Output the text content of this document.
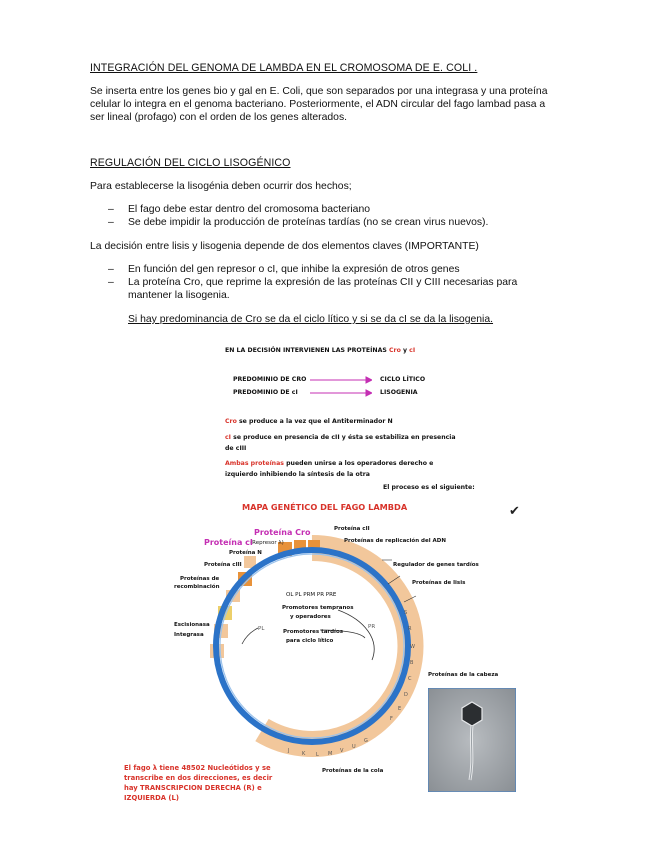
INTEGRACIÓN DEL GENOMA DE LAMBDA EN EL CROMOSOMA DE E. COLI .
Se inserta entre los genes bio y gal en E. Coli, que son separados por una integrasa y una proteína
celular lo integra en el genoma bacteriano. Posteriormente, el ADN circular del fago lambad pasa a
ser lineal (profago) con el orden de los genes alterados.
REGULACIÓN DEL CICLO LISOGÉNICO
Para establecerse la lisogénia deben ocurrir dos hechos;
– El fago debe estar dentro del cromosoma bacteriano
– Se debe impidir la producción de proteínas tardías (no se crean virus nuevos).
La decisión entre lisis y lisogenia depende de dos elementos claves (IMPORTANTE)
– En función del gen represor o cI, que inhibe la expresión de otros genes
– La proteína Cro, que reprime la expresión de las proteínas CII y CIII necesarias para
mantener la lisogenia.
Si hay predominancia de Cro se da el ciclo lítico y si se da cI se da la lisogenia.
EN LA DECISIÓN INTERVIENEN LAS PROTEÍNAS Cro y cI
PREDOMINIO DE CRO	CICLO LÍTICO
PREDOMINIO DE cI	LISOGENIA
Cro se produce a la vez que el Antiterminador N
cI se produce en presencia de cII y ésta se estabiliza en presencia
de cIII
Ambas proteínas pueden unirse a los operadores derecho e
izquierdo inhibiendo la síntesis de la otra
El proceso es el siguiente:
MAPA GENÉTICO DEL FAGO LAMBDA	✔
J	K L M V
U
G
F
E
D
C
B
W
R
S
Proteína Cro
(Represor λ)
Proteína cI
Proteína N
Proteína cIII
Proteínas de
recombinación
Escisionasa
Integrasa
Proteína cII
Proteínas de replicación del ADN
Regulador de genes tardíos
Proteínas de lisis
OL PL PRM PR PRE
Promotores tempranos
y operadores
Promotores tardíos
para ciclo lítico
PL	PR
Proteínas de la cabeza
Proteínas de la cola
El fago λ tiene 48502 Nucleótidos y se
transcribe en dos direcciones, es decir
hay TRANSCRIPCION DERECHA (R) e
IZQUIERDA (L)
